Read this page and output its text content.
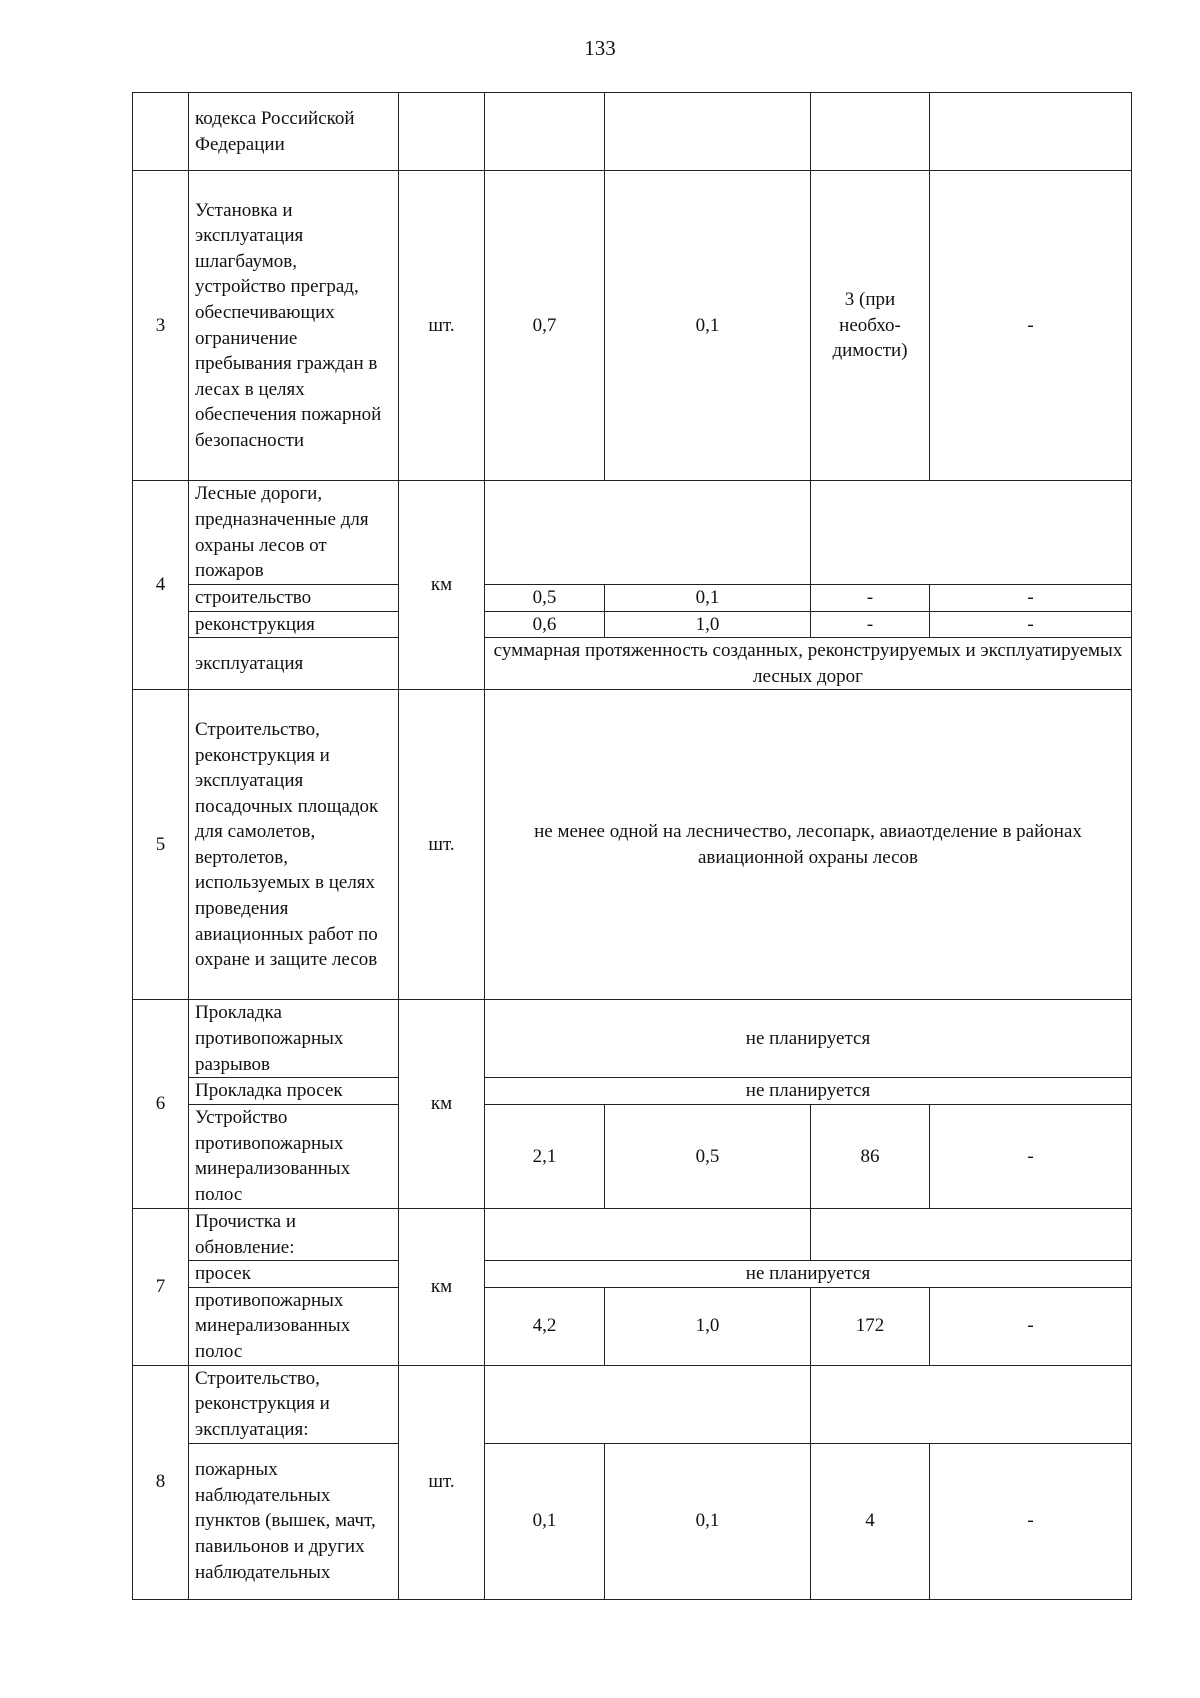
133
	кодекса Российской Федерации					
3	Установка и эксплуатация шлагбаумов, устройство преград, обеспечивающих ограничение пребывания граждан в лесах в целях обеспечения пожарной безопасности	шт.	0,7	0,1	3 (при необхо-димости)	-
4	Лесные дороги, предназначенные для охраны лесов от пожаров	км				
	строительство		0,5	0,1	-	-
	реконструкция		0,6	1,0	-	-
	эксплуатация		суммарная протяженность созданных, реконструируемых и эксплуатируемых лесных дорог			
5	Строительство, реконструкция и эксплуатация посадочных площадок для самолетов, вертолетов, используемых в целях проведения авиационных работ по охране и защите лесов	шт.	не менее одной на лесничество, лесопарк, авиаотделение в районах авиационной охраны лесов			
6	Прокладка противопожарных разрывов	км	не планируется			
	Прокладка просек		не планируется			
	Устройство противопожарных минерализованных полос		2,1	0,5	86	-
7	Прочистка и обновление:	км				
	просек		не планируется			
	противопожарных минерализованных полос		4,2	1,0	172	-
8	Строительство, реконструкция и эксплуатация:	шт.				
	пожарных наблюдательных пунктов (вышек, мачт, павильонов и других наблюдательных		0,1	0,1	4	-
